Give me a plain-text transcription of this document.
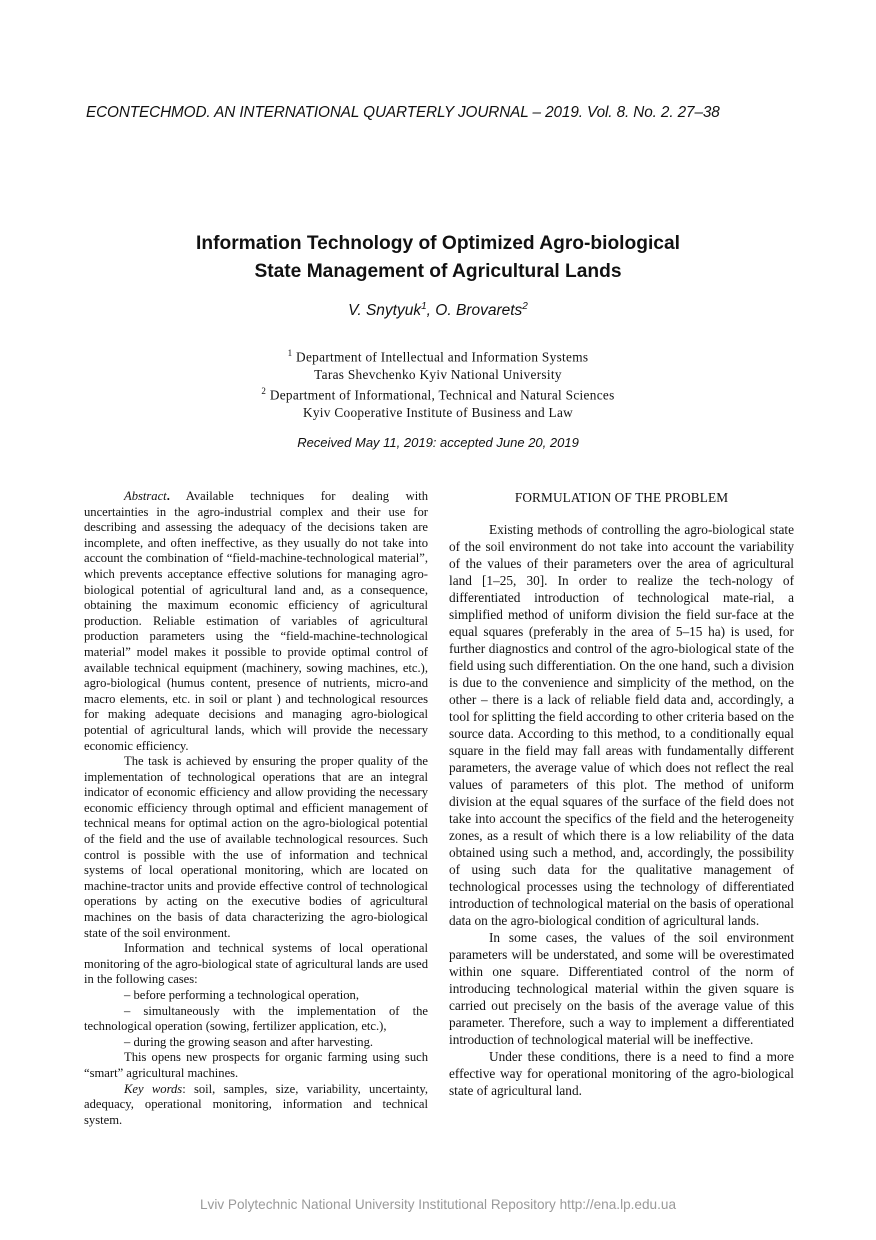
ECONTECHMOD. AN INTERNATIONAL QUARTERLY JOURNAL – 2019. Vol. 8. No. 2. 27–38
Information Technology of Optimized Agro-biological
State Management of Agricultural Lands
V. Snytyuk$^1$, O. Brovarets$^2$
$^1$ Department of Intellectual and Information Systems
Taras Shevchenko Kyiv National University
$^2$ Department of Informational, Technical and Natural Sciences
Kyiv Cooperative Institute of Business and Law
Received May 11, 2019: accepted June 20, 2019

Abstract. Available techniques for dealing with uncertainties in the agro-industrial complex and their use for describing and assessing the adequacy of the decisions taken are incomplete, and often ineffective, as they usually do not take into account the combination of “field-machine-technological material”, which prevents acceptance effective solutions for managing agro-biological potential of agricultural land and, as a consequence, obtaining the maximum economic efficiency of agricultural production. Reliable estimation of variables of agricultural production parameters using the “field-machine-technological material” model makes it possible to provide optimal control of available technical equipment (machinery, sowing machines, etc.), agro-biological (humus content, presence of nutrients, micro-and macro elements, etc. in soil or plant ) and technological resources for making adequate decisions and managing agro-biological potential of agricultural lands, which will provide the necessary economic efficiency.

The task is achieved by ensuring the proper quality of the implementation of technological operations that are an integral indicator of economic efficiency and allow providing the necessary economic efficiency through optimal and efficient management of technical means for optimal action on the agro-biological potential of the field and the use of available technological resources. Such control is possible with the use of information and technical systems of local operational monitoring, which are located on machine-tractor units and provide effective control of technological operations by acting on the executive bodies of agricultural machines on the basis of data characterizing the agro-biological state of the soil environment.

Information and technical systems of local operational monitoring of the agro-biological state of agricultural lands are used in the following cases:

– before performing a technological operation,

– simultaneously with the implementation of the technological operation (sowing, fertilizer application, etc.),

– during the growing season and after harvesting.

This opens new prospects for organic farming using such “smart” agricultural machines.

Key words: soil, samples, size, variability, uncertainty, adequacy, operational monitoring, information and technical system.

FORMULATION OF THE PROBLEM

Existing methods of controlling the agro-biological state of the soil environment do not take into account the variability of the values of their parameters over the area of agricultural land [1–25, 30]. In order to realize the tech-nology of differentiated introduction of technological mate-rial, a simplified method of uniform division the field sur-face at the equal squares (preferably in the area of 5–15 ha) is used, for further diagnostics and control of the agro-biological state of the field using such differentiation. On the one hand, such a division is due to the convenience and simplicity of the method, on the other – there is a lack of reliable field data and, accordingly, a tool for splitting the field according to other criteria based on the source data. According to this method, to a conditionally equal square in the field may fall areas with fundamentally different parameters, the average value of which does not reflect the real values of parameters of this plot. The method of uniform division at the equal squares of the surface of the field does not take into account the specifics of the field and the heterogeneity zones, as a result of which there is a low reliability of the data obtained using such a method, and, accordingly, the possibility of using such data for the qualitative management of technological processes using the technology of differentiated introduction of technological material on the basis of operational data on the agro-biological condition of agricultural lands.

In some cases, the values of the soil environment parameters will be understated, and some will be overestimated within one square. Differentiated control of the norm of introducing technological material within the given square is carried out precisely on the basis of the average value of this parameter. Therefore, such a way to implement a differentiated introduction of technological material will be ineffective.

Under these conditions, there is a need to find a more effective way for operational monitoring of the agro-biological state of agricultural land.

Lviv Polytechnic National University Institutional Repository http://ena.lp.edu.ua
